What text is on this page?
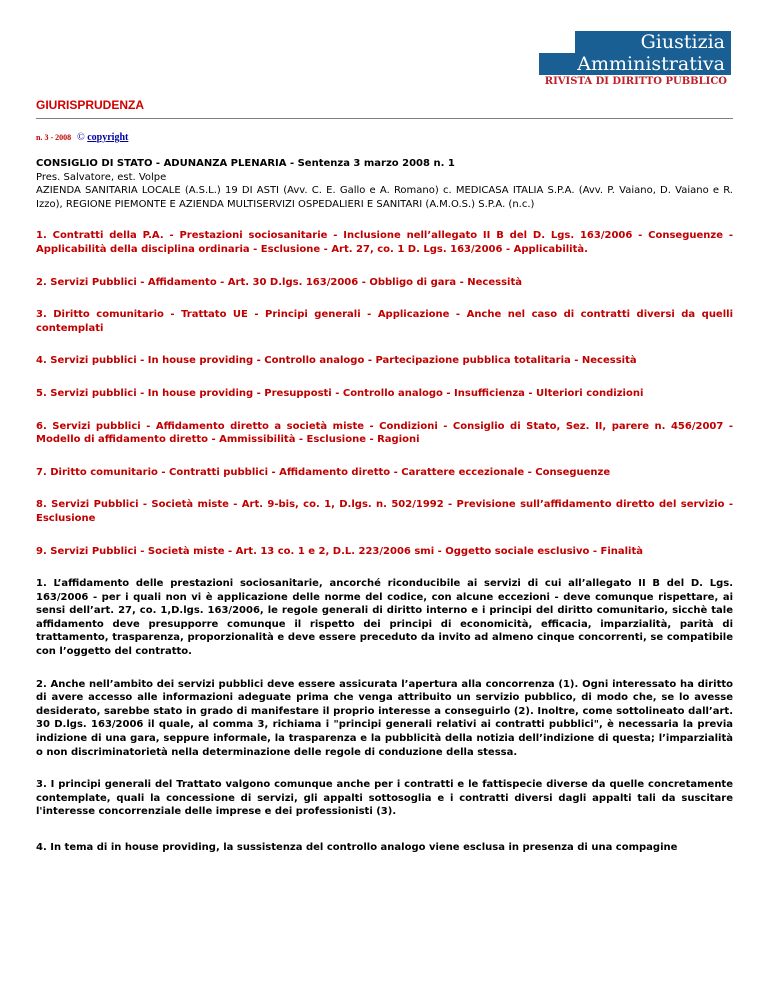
Giustizia
Amministrativa
RIVISTA DI DIRITTO PUBBLICO
GIURISPRUDENZA
n. 3 - 2008 © copyright

CONSIGLIO DI STATO - ADUNANZA PLENARIA - Sentenza 3 marzo 2008 n. 1

Pres. Salvatore, est. Volpe

AZIENDA SANITARIA LOCALE (A.S.L.) 19 DI ASTI (Avv. C. E. Gallo e A. Romano) c. MEDICASA ITALIA S.P.A. (Avv. P. Vaiano, D. Vaiano e R. Izzo), REGIONE PIEMONTE E AZIENDA MULTISERVIZI OSPEDALIERI E SANITARI (A.M.O.S.) S.P.A. (n.c.)

1. Contratti della P.A. - Prestazioni sociosanitarie - Inclusione nell’allegato II B del D. Lgs. 163/2006 - Conseguenze - Applicabilità della disciplina ordinaria - Esclusione - Art. 27, co. 1 D. Lgs. 163/2006 - Applicabilità.

2. Servizi Pubblici - Affidamento - Art. 30 D.lgs. 163/2006 - Obbligo di gara - Necessità

3. Diritto comunitario - Trattato UE - Principi generali - Applicazione - Anche nel caso di contratti diversi da quelli contemplati

4. Servizi pubblici - In house providing - Controllo analogo - Partecipazione pubblica totalitaria - Necessità

5. Servizi pubblici - In house providing - Presupposti - Controllo analogo - Insufficienza - Ulteriori condizioni

6. Servizi pubblici - Affidamento diretto a società miste - Condizioni - Consiglio di Stato, Sez. II, parere n. 456/2007 - Modello di affidamento diretto - Ammissibilità - Esclusione - Ragioni

7. Diritto comunitario - Contratti pubblici - Affidamento diretto - Carattere eccezionale - Conseguenze

8. Servizi Pubblici - Società miste - Art. 9-bis, co. 1, D.lgs. n. 502/1992 - Previsione sull’affidamento diretto del servizio - Esclusione

9. Servizi Pubblici - Società miste - Art. 13 co. 1 e 2, D.L. 223/2006 smi - Oggetto sociale esclusivo - Finalità

1. L’affidamento delle prestazioni sociosanitarie, ancorché riconducibile ai servizi di cui all’allegato II B del D. Lgs. 163/2006 - per i quali non vi è applicazione delle norme del codice, con alcune eccezioni - deve comunque rispettare, ai sensi dell’art. 27, co. 1,D.lgs. 163/2006, le regole generali di diritto interno e i principi del diritto comunitario, sicchè tale affidamento deve presupporre comunque il rispetto dei principi di economicità, efficacia, imparzialità, parità di trattamento, trasparenza, proporzionalità e deve essere preceduto da invito ad almeno cinque concorrenti, se compatibile con l’oggetto del contratto.

2. Anche nell’ambito dei servizi pubblici deve essere assicurata l’apertura alla concorrenza (1). Ogni interessato ha diritto di avere accesso alle informazioni adeguate prima che venga attribuito un servizio pubblico, di modo che, se lo avesse desiderato, sarebbe stato in grado di manifestare il proprio interesse a conseguirlo (2). Inoltre, come sottolineato dall’art. 30 D.lgs. 163/2006 il quale, al comma 3, richiama i "principi generali relativi ai contratti pubblici", è necessaria la previa indizione di una gara, seppure informale, la trasparenza e la pubblicità della notizia dell’indizione di questa; l’imparzialità o non discriminatorietà nella determinazione delle regole di conduzione della stessa.

3. I principi generali del Trattato valgono comunque anche per i contratti e le fattispecie diverse da quelle concretamente contemplate, quali la concessione di servizi, gli appalti sottosoglia e i contratti diversi dagli appalti tali da suscitare l'interesse concorrenziale delle imprese e dei professionisti (3).

4. In tema di in house providing, la sussistenza del controllo analogo viene esclusa in presenza di una compagine
